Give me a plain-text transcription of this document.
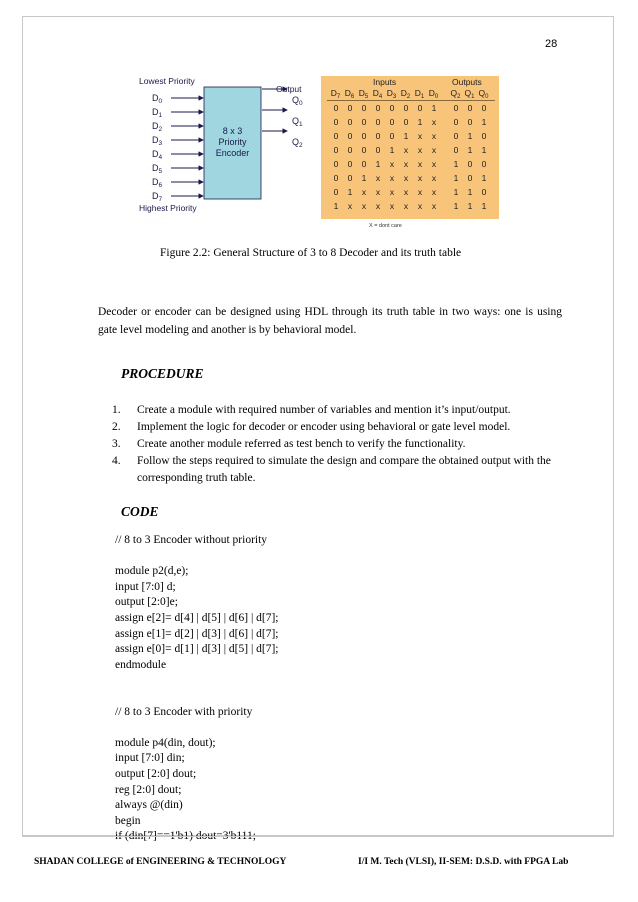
28
Lowest Priority
Highest Priority
Output
8 x 3
Priority
Encoder
$D_0$
$D_1$
$D_2$
$D_3$
$D_4$
$D_5$
$D_6$
$D_7$
$Q_0$
$Q_1$
$Q_2$
Inputs	Outputs
$D_7$ $D_6$ $D_5$ $D_4$ $D_3$ $D_2$ $D_1$ $D_0$ $Q_2$ $Q_1$ $Q_0$
0	0	0	0	0	0	0	1	0	0	0
0	0	0	0	0	0	1	x	0	0	1
0	0	0	0	0	1	x	x	0	1	0
0	0	0	0	1	x	x	x	0	1	1
0	0	0	1	x	x	x	x	1	0	0
0	0	1	x	x	x	x	x	1	0	1
0	1	x	x	x	x	x	x	1	1	0
1	x	x	x	x	x	x	x	1	1	1
X = dont care
Figure 2.2: General Structure of 3 to 8 Decoder and its truth table
Decoder or encoder can be designed using HDL through its truth table in two ways: one is using gate level modeling and another is by behavioral model.
PROCEDURE
1. Create a module with required number of variables and mention it’s input/output.
2. Implement the logic for decoder or encoder using behavioral or gate level model.
3. Create another module referred as test bench to verify the functionality.
4. Follow the steps required to simulate the design and compare the obtained output with the corresponding truth table.
CODE
// 8 to 3 Encoder without priority

module p2(d,e);
input [7:0] d;
output [2:0]e;
assign e[2]= d[4] | d[5] | d[6] | d[7];
assign e[1]= d[2] | d[3] | d[6] | d[7];
assign e[0]= d[1] | d[3] | d[5] | d[7];
endmodule

// 8 to 3 Encoder with priority

module p4(din, dout);
input [7:0] din;
output [2:0] dout;
reg [2:0] dout;
always @(din)
begin
if (din[7]==1'b1) dout=3'b111;
SHADAN COLLEGE of ENGINEERING & TECHNOLOGY	I/I M. Tech (VLSI), II-SEM: D.S.D. with FPGA Lab
